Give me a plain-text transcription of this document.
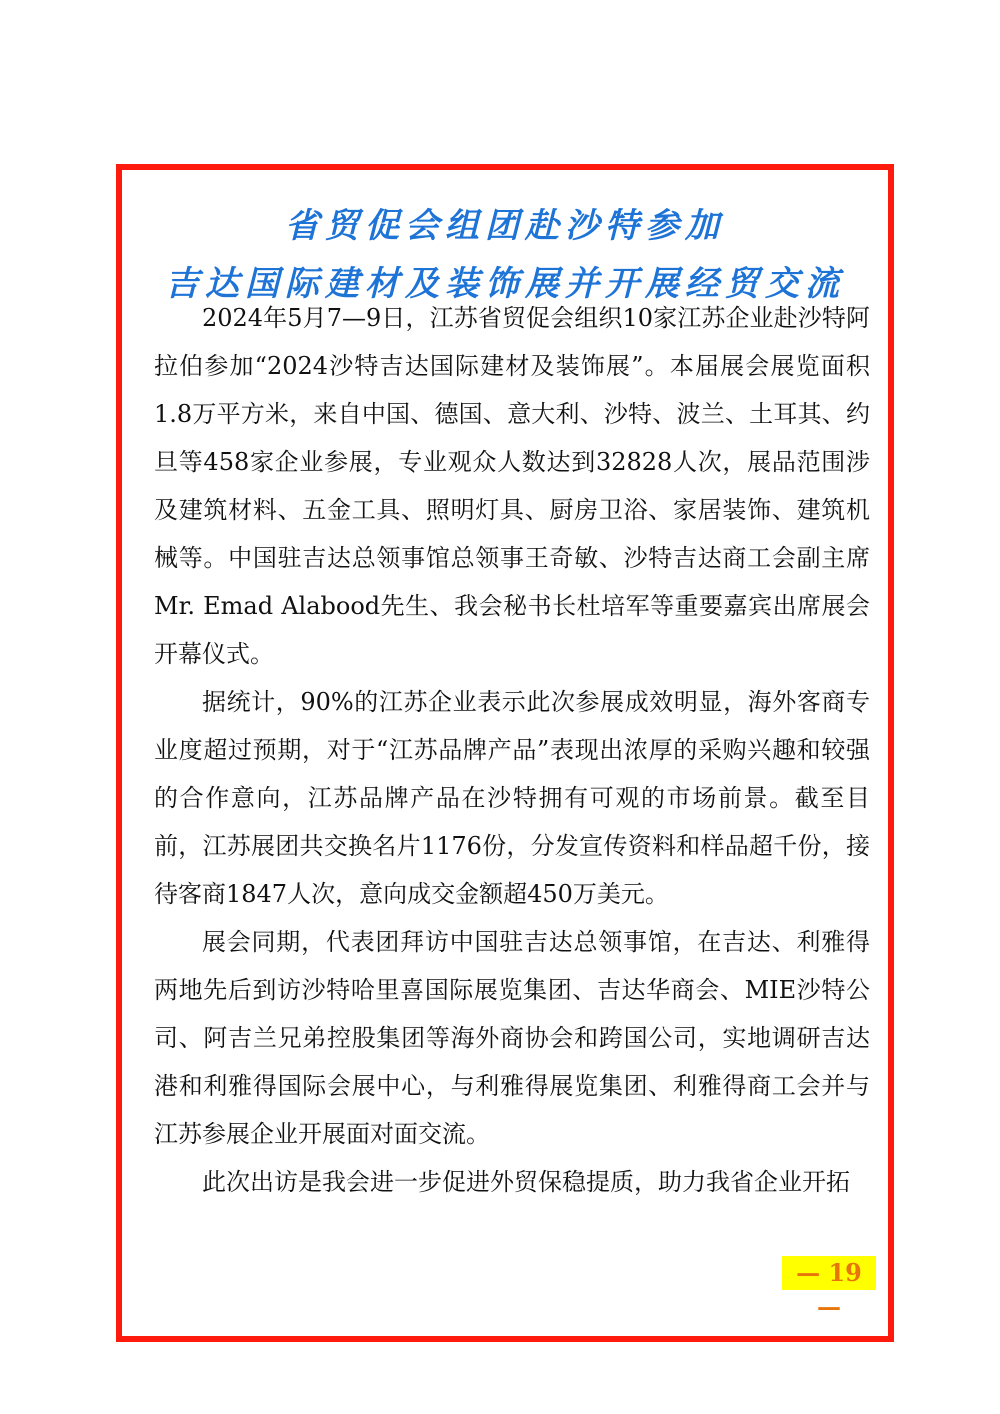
省贸促会组团赴沙特参加
吉达国际建材及装饰展并开展经贸交流

2024年5月7—9日，江苏省贸促会组织10家江苏企业赴沙特阿拉伯参加“2024沙特吉达国际建材及装饰展”。本届展会展览面积1.8万平方米，来自中国、德国、意大利、沙特、波兰、土耳其、约旦等458家企业参展，专业观众人数达到32828人次，展品范围涉及建筑材料、五金工具、照明灯具、厨房卫浴、家居装饰、建筑机械等。中国驻吉达总领事馆总领事王奇敏、沙特吉达商工会副主席Mr. Emad Alabood先生、我会秘书长杜培军等重要嘉宾出席展会开幕仪式。

据统计，90%的江苏企业表示此次参展成效明显，海外客商专业度超过预期，对于“江苏品牌产品”表现出浓厚的采购兴趣和较强的合作意向，江苏品牌产品在沙特拥有可观的市场前景。截至目前，江苏展团共交换名片1176份，分发宣传资料和样品超千份，接待客商1847人次，意向成交金额超450万美元。

展会同期，代表团拜访中国驻吉达总领事馆，在吉达、利雅得两地先后到访沙特哈里喜国际展览集团、吉达华商会、MIE沙特公司、阿吉兰兄弟控股集团等海外商协会和跨国公司，实地调研吉达港和利雅得国际会展中心，与利雅得展览集团、利雅得商工会并与江苏参展企业开展面对面交流。

此次出访是我会进一步促进外贸保稳提质，助力我省企业开拓

— 19 —
